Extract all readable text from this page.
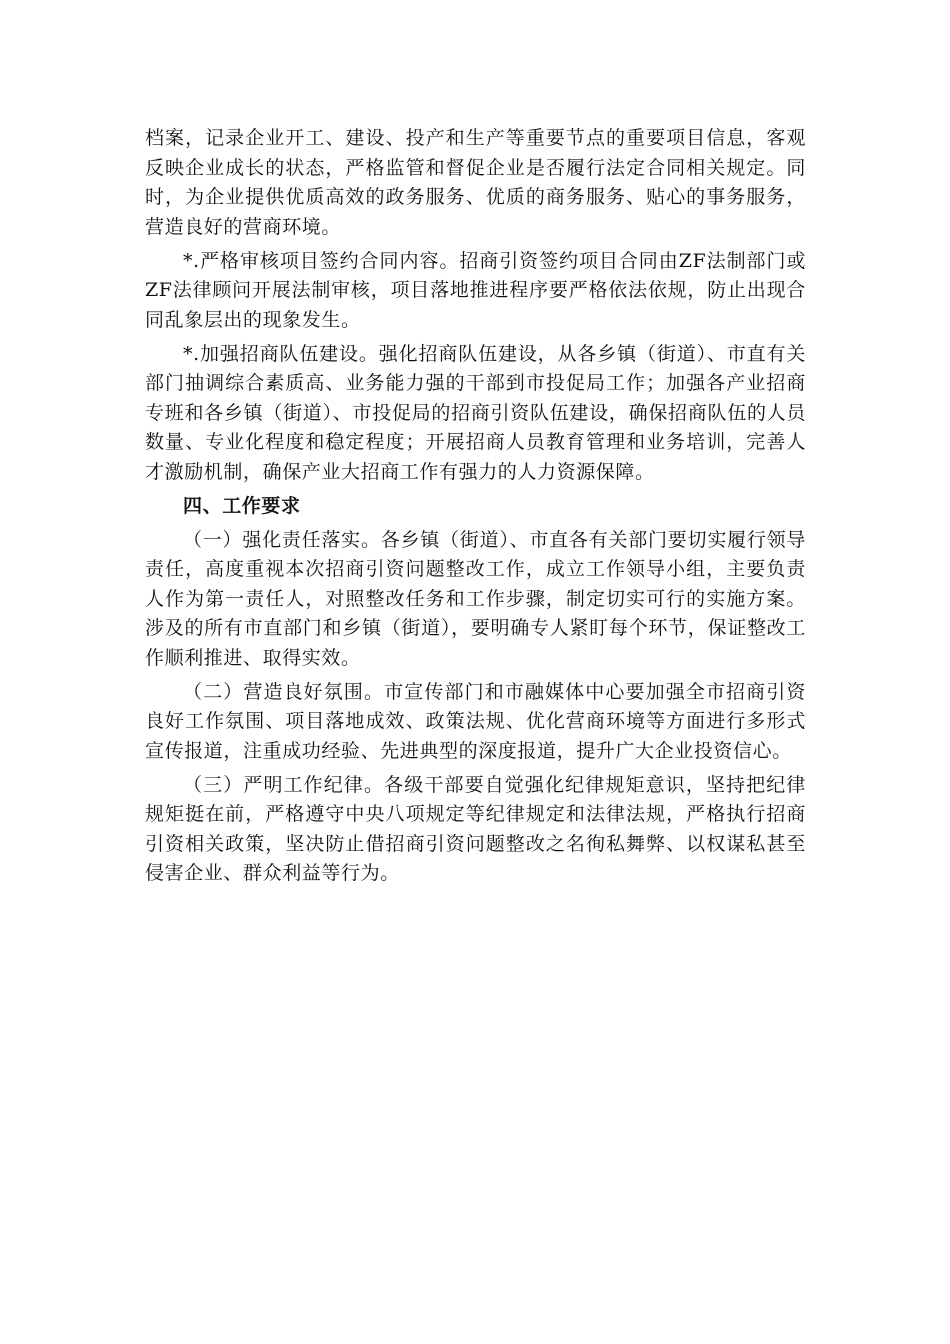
档案，记录企业开工、建设、投产和生产等重要节点的重要项目信息，客观反映企业成长的状态，严格监管和督促企业是否履行法定合同相关规定。同时，为企业提供优质高效的政务服务、优质的商务服务、贴心的事务服务，营造良好的营商环境。

*.严格审核项目签约合同内容。招商引资签约项目合同由ZF法制部门或ZF法律顾问开展法制审核，项目落地推进程序要严格依法依规，防止出现合同乱象层出的现象发生。

*.加强招商队伍建设。强化招商队伍建设，从各乡镇（街道）、市直有关部门抽调综合素质高、业务能力强的干部到市投促局工作；加强各产业招商专班和各乡镇（街道）、市投促局的招商引资队伍建设，确保招商队伍的人员数量、专业化程度和稳定程度；开展招商人员教育管理和业务培训，完善人才激励机制，确保产业大招商工作有强力的人力资源保障。

四、工作要求

（一）强化责任落实。各乡镇（街道）、市直各有关部门要切实履行领导责任，高度重视本次招商引资问题整改工作，成立工作领导小组，主要负责人作为第一责任人，对照整改任务和工作步骤，制定切实可行的实施方案。涉及的所有市直部门和乡镇（街道），要明确专人紧盯每个环节，保证整改工作顺利推进、取得实效。

（二）营造良好氛围。市宣传部门和市融媒体中心要加强全市招商引资良好工作氛围、项目落地成效、政策法规、优化营商环境等方面进行多形式宣传报道，注重成功经验、先进典型的深度报道，提升广大企业投资信心。

（三）严明工作纪律。各级干部要自觉强化纪律规矩意识，坚持把纪律规矩挺在前，严格遵守中央八项规定等纪律规定和法律法规，严格执行招商引资相关政策，坚决防止借招商引资问题整改之名徇私舞弊、以权谋私甚至侵害企业、群众利益等行为。
